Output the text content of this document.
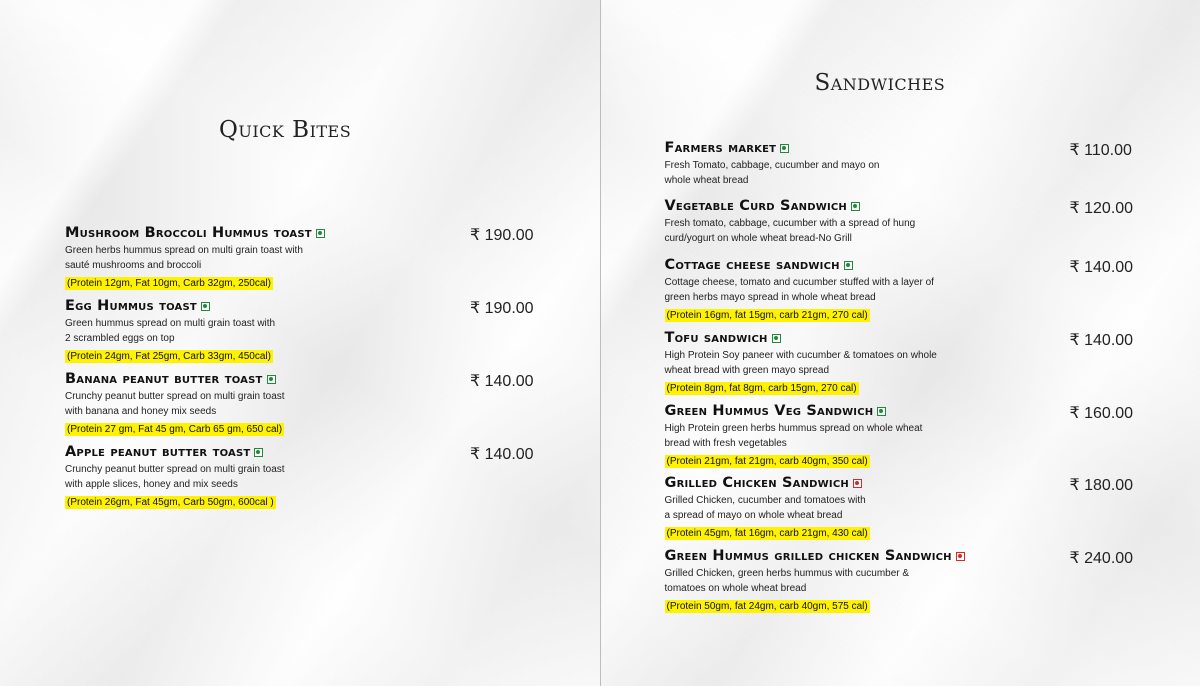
Quick Bites
Mushroom Broccoli Hummus toast
Green herbs hummus spread on multi grain toast with
sauté mushrooms and broccoli
(Protein 12gm, Fat 10gm, Carb 32gm, 250cal)
₹ 190.00
Egg Hummus toast
Green hummus spread on multi grain toast with
2 scrambled eggs on top
(Protein 24gm, Fat 25gm, Carb 33gm, 450cal)
₹ 190.00
Banana peanut butter toast
Crunchy peanut butter spread on multi grain toast
with banana and honey mix seeds
(Protein 27 gm, Fat 45 gm, Carb 65 gm, 650 cal)
₹ 140.00
Apple peanut butter toast
Crunchy peanut butter spread on multi grain toast
with apple slices, honey and mix seeds
(Protein 26gm, Fat 45gm, Carb 50gm, 600cal )
₹ 140.00
Sandwiches
Farmers market
Fresh Tomato, cabbage, cucumber and mayo on
whole wheat bread
₹ 110.00
Vegetable Curd Sandwich
Fresh tomato, cabbage, cucumber with a spread of hung
curd/yogurt on whole wheat bread-No Grill
₹ 120.00
Cottage cheese sandwich
Cottage cheese, tomato and cucumber stuffed with a layer of
green herbs mayo spread in whole wheat bread
(Protein 16gm, fat 15gm, carb 21gm, 270 cal)
₹ 140.00
Tofu sandwich
High Protein Soy paneer with cucumber & tomatoes on whole
wheat bread with green mayo spread
(Protein 8gm, fat 8gm, carb 15gm, 270 cal)
₹ 140.00
Green Hummus Veg Sandwich
High Protein green herbs hummus spread on whole wheat
bread with fresh vegetables
(Protein 21gm, fat 21gm, carb 40gm, 350 cal)
₹ 160.00
Grilled Chicken Sandwich
Grilled Chicken, cucumber and tomatoes with
a spread of mayo on whole wheat bread
(Protein 45gm, fat 16gm, carb 21gm, 430 cal)
₹ 180.00
Green Hummus grilled chicken Sandwich
Grilled Chicken, green herbs hummus with cucumber &
tomatoes on whole wheat bread
(Protein 50gm, fat 24gm, carb 40gm, 575 cal)
₹ 240.00
